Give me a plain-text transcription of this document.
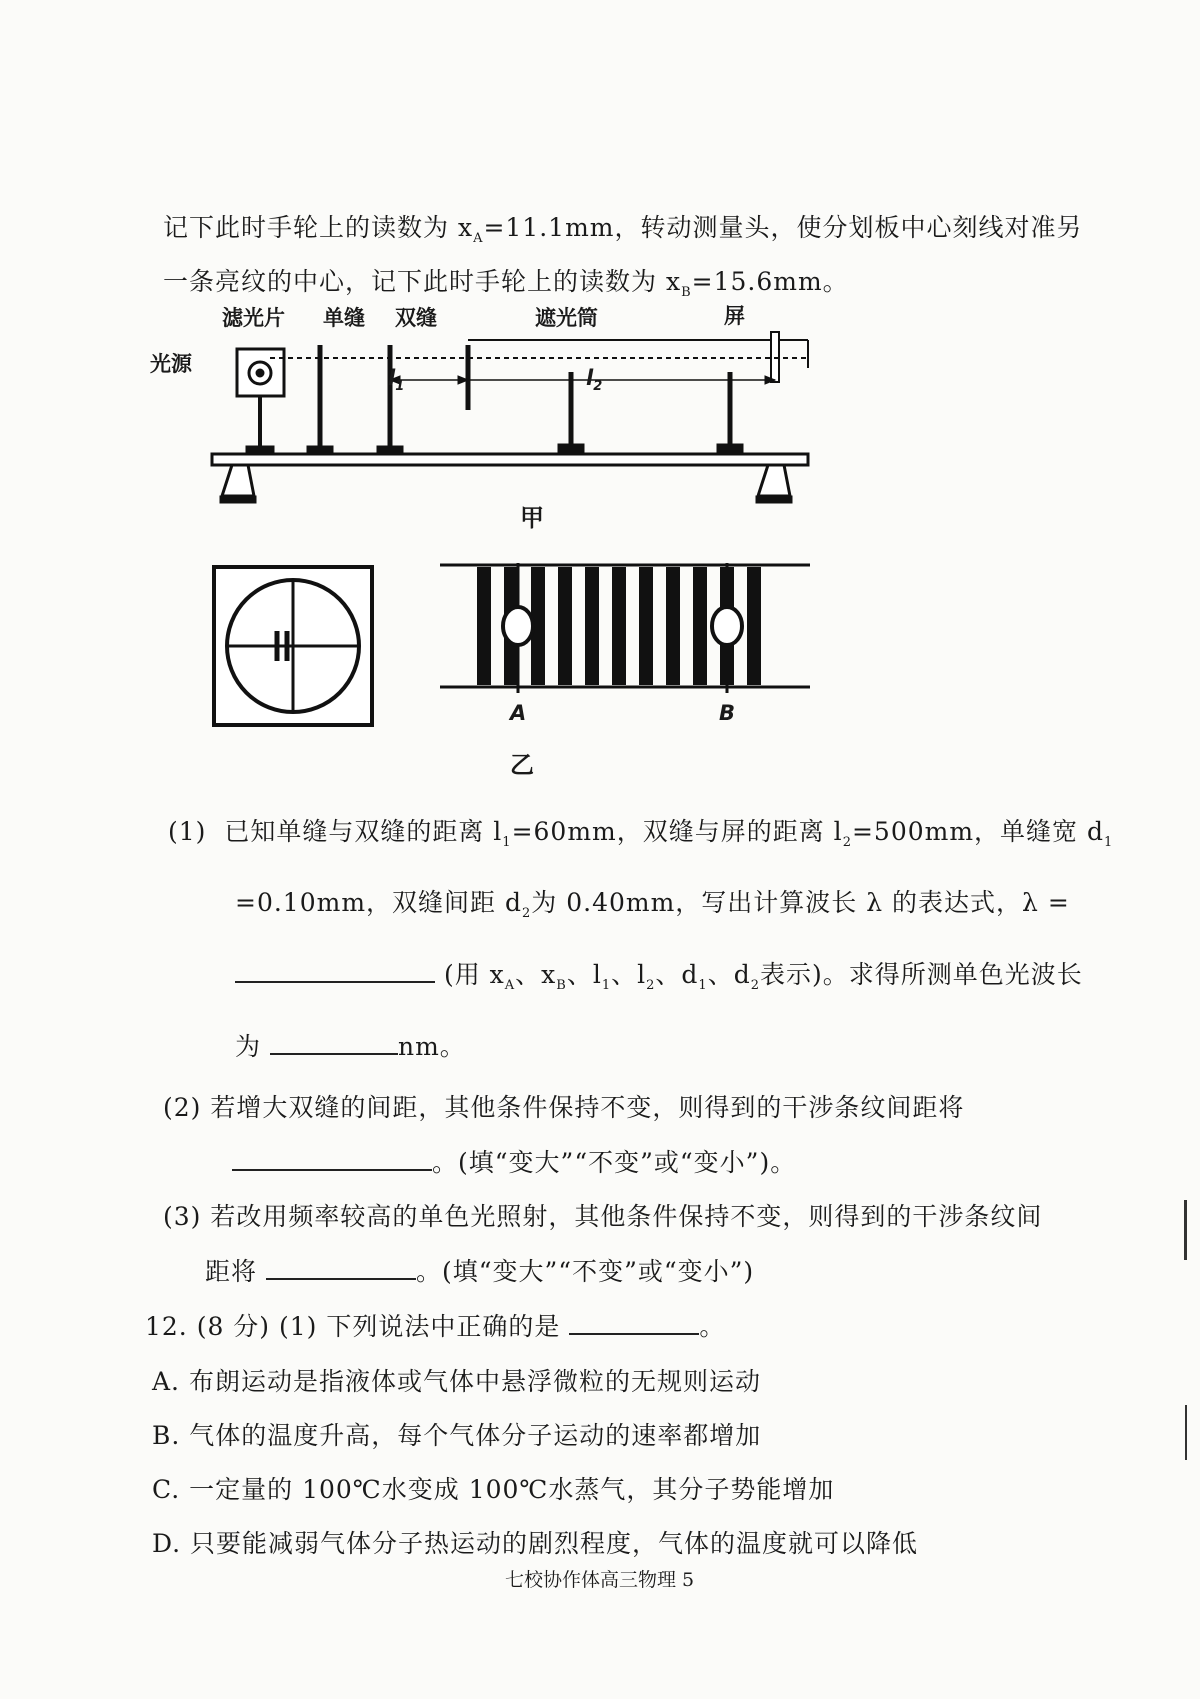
记下此时手轮上的读数为 $x_A=11.1mm$，转动测量头，使分划板中心刻线对准另
一条亮纹的中心，记下此时手轮上的读数为 $x_B=15.6mm$。
光源
滤光片 单缝 双缝	遮光筒	屏
$l_1$	$l_2$
甲
A	B
乙
(1) 已知单缝与双缝的距离 $l_1=60mm$，双缝与屏的距离 $l_2=500mm$，单缝宽 $d_1$
=0.10mm，双缝间距 $d_2$为 0.40mm，写出计算波长 λ 的表达式，λ =
(用 $x_A$、$x_B$、$l_1$、$l_2$、$d_1$、$d_2$表示)。求得所测单色光波长
为	nm。
(2) 若增大双缝的间距，其他条件保持不变，则得到的干涉条纹间距将
。(填“变大”“不变”或“变小”)。
(3) 若改用频率较高的单色光照射，其他条件保持不变，则得到的干涉条纹间
距将	。(填“变大”“不变”或“变小”)
12. (8 分) (1) 下列说法中正确的是	。
A. 布朗运动是指液体或气体中悬浮微粒的无规则运动
B. 气体的温度升高，每个气体分子运动的速率都增加
C. 一定量的 100℃水变成 100℃水蒸气，其分子势能增加
D. 只要能减弱气体分子热运动的剧烈程度，气体的温度就可以降低
七校协作体高三物理 5
